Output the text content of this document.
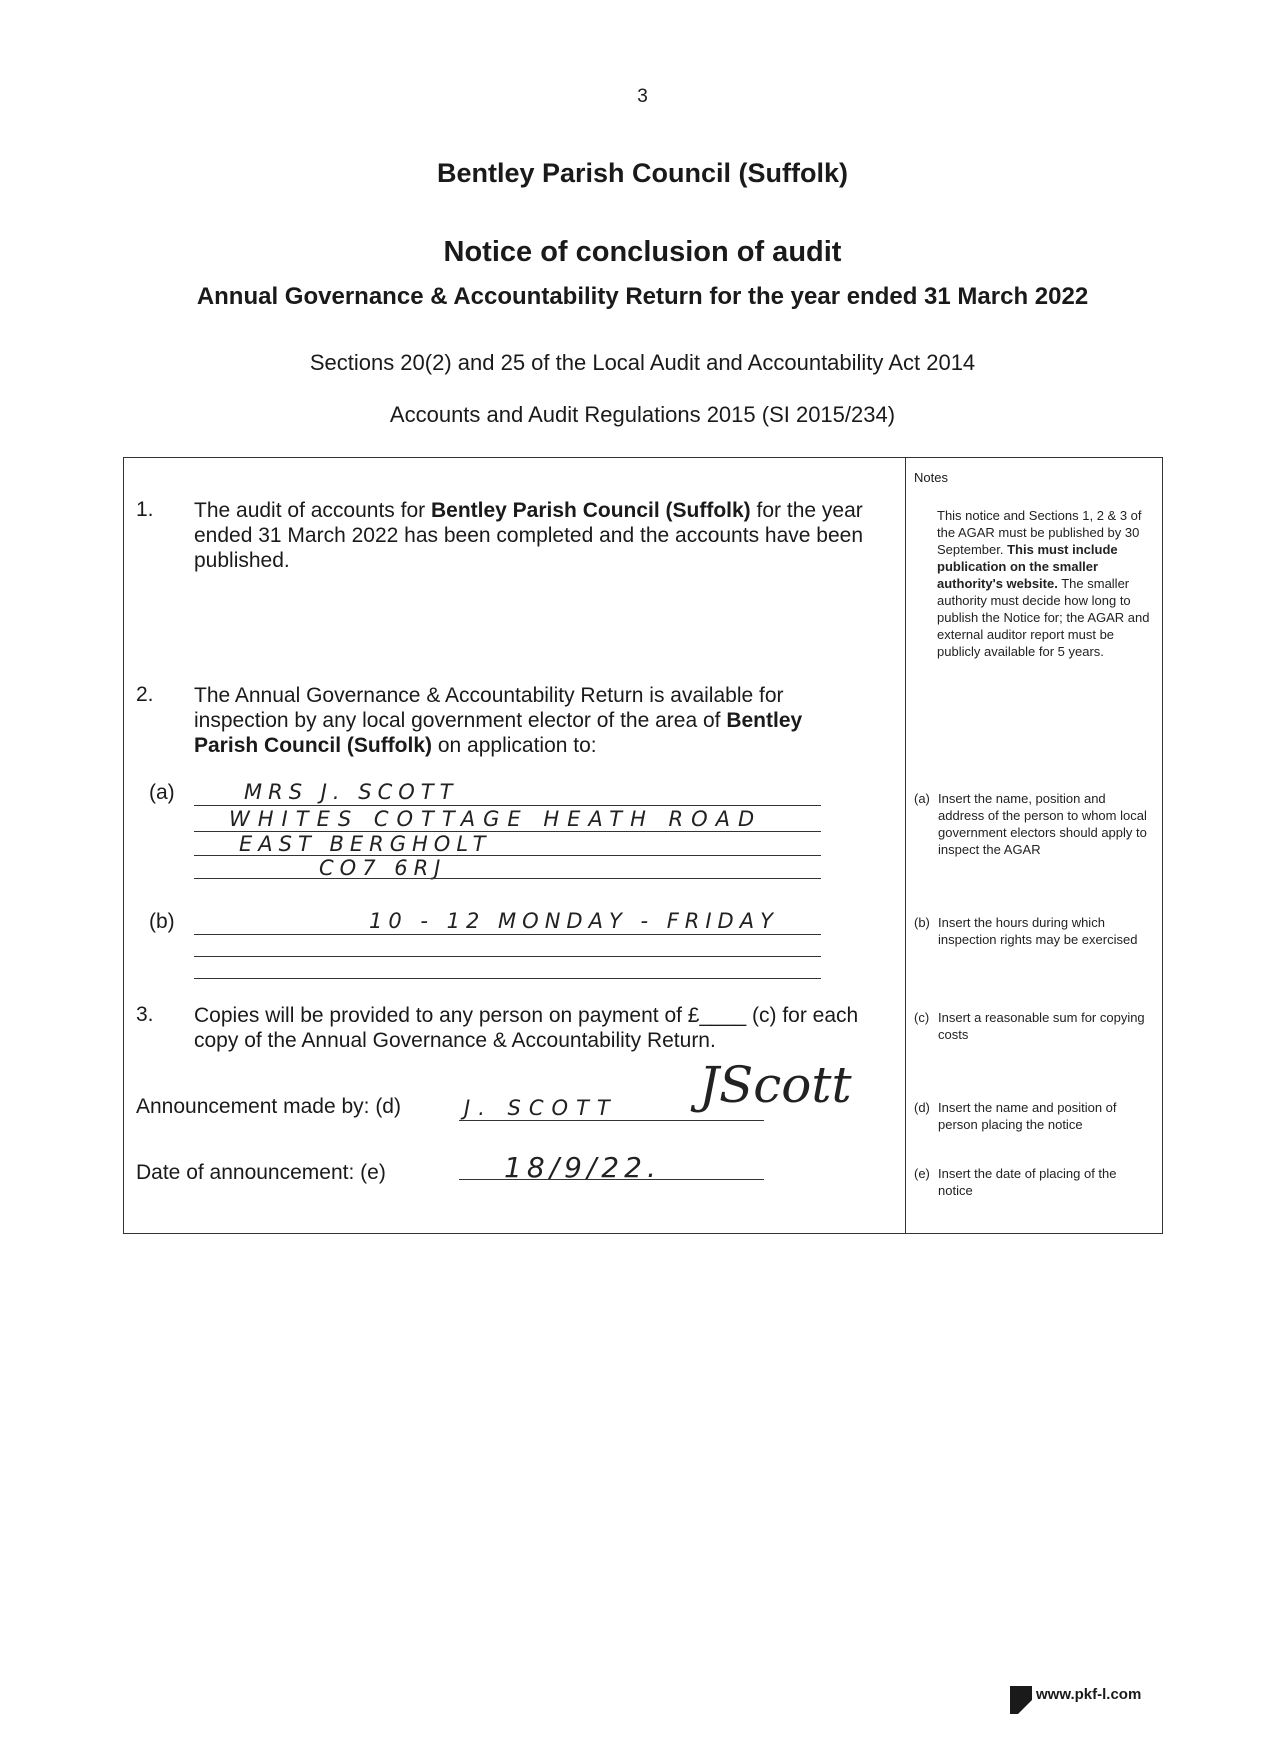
3
Bentley Parish Council (Suffolk)
Notice of conclusion of audit
Annual Governance & Accountability Return for the year ended 31 March 2022
Sections 20(2) and 25 of the Local Audit and Accountability Act 2014
Accounts and Audit Regulations 2015 (SI 2015/234)
1. The audit of accounts for Bentley Parish Council (Suffolk) for the year ended 31 March 2022 has been completed and the accounts have been published.
2. The Annual Governance & Accountability Return is available for inspection by any local government elector of the area of Bentley Parish Council (Suffolk) on application to:
(a)	MRS J. SCOTT
WHITES COTTAGE HEATH ROAD
EAST BERGHOLT
CO7 6RJ
(b)	10 - 12 MONDAY - FRIDAY
3. Copies will be provided to any person on payment of £____ (c) for each copy of the Annual Governance & Accountability Return.
Announcement made by: (d)	J. SCOTT JScott
Date of announcement: (e)	18/9/22.
Notes
This notice and Sections 1, 2 & 3 of the AGAR must be published by 30 September. This must include publication on the smaller authority's website. The smaller authority must decide how long to publish the Notice for; the AGAR and external auditor report must be publicly available for 5 years.
(a) Insert the name, position and address of the person to whom local government electors should apply to inspect the AGAR
(b) Insert the hours during which inspection rights may be exercised
(c) Insert a reasonable sum for copying costs
(d) Insert the name and position of person placing the notice
(e) Insert the date of placing of the notice
www.pkf-l.com
